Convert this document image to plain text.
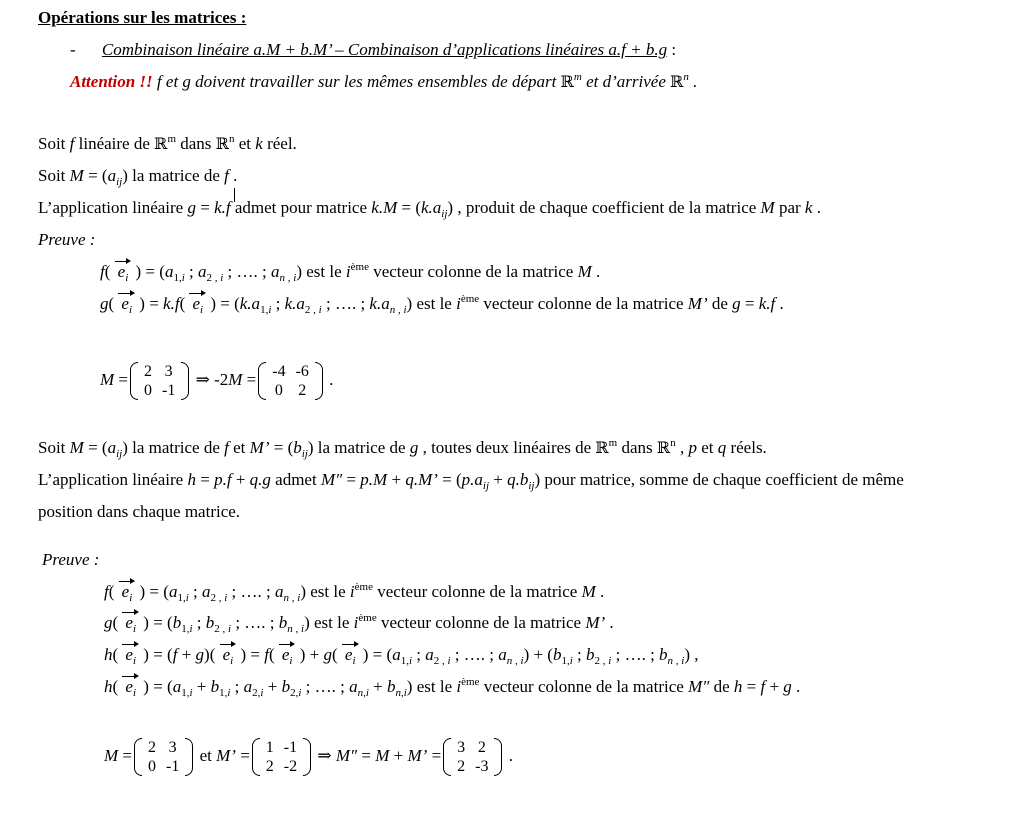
Opérations sur les matrices :
- Combinaison linéaire a.M + b.M’ – Combinaison d’applications linéaires a.f + b.g :
Attention !! f et g doivent travailler sur les mêmes ensembles de départ ℝ$^m$ et d’arrivée ℝ$^n$ .
Soit f linéaire de ℝ$^m$ dans ℝ$^n$ et k réel.
Soit $M = (a_{ij})$ la matrice de f .
L’application linéaire g = k.f admet pour matrice $k.M = (k.a_{ij})$ , produit de chaque coefficient de la matrice M par k .
Preuve :
f( $e_i$ ) = ($a_{1,i}$ ; $a_{2 , i}$ ; …. ; $a_{n , i}$) est le $i^{ème}$ vecteur colonne de la matrice M .
g( $e_i$ ) = k.f( $e_i$ ) = ($k.a_{1,i}$ ; $k.a_{2 , i}$ ; …. ; $k.a_{n , i}$) est le $i^{ème}$ vecteur colonne de la matrice M’ de g = k.f .
M = 2	3
0	-1
⇒ -2M = -4	-6
0	2
.
Soit $M = (a_{ij})$ la matrice de f et M’ = $(b_{ij})$ la matrice de g , toutes deux linéaires de ℝ$^m$ dans ℝ$^n$ , p et q réels.
L’application linéaire h = p.f + q.g admet M″ = p.M + q.M’ = $(p.a_{ij} + q.b_{ij})$ pour matrice, somme de chaque coefficient de même
position dans chaque matrice.
Preuve :
f( $e_i$ ) = ($a_{1,i}$ ; $a_{2 , i}$ ; …. ; $a_{n , i}$) est le $i^{ème}$ vecteur colonne de la matrice M .
g( $e_i$ ) = ($b_{1,i}$ ; $b_{2 , i}$ ; …. ; $b_{n , i}$) est le $i^{ème}$ vecteur colonne de la matrice M’ .
h( $e_i$ ) = (f + g)( $e_i$ ) = f( $e_i$ ) + g( $e_i$ ) = ($a_{1,i}$ ; $a_{2 , i}$ ; …. ; $a_{n , i}) + (b_{1,i}$ ; $b_{2 , i}$ ; …. ; $b_{n , i}$) ,
h( $e_i$ ) = ($a_{1,i} + b_{1,i}$ ; $a_{2,i} + b_{2,i}$ ; …. ; $a_{n,i} + b_{n,i}$) est le $i^{ème}$ vecteur colonne de la matrice M″ de h = f + g .
M = 2	3
0	-1
et M’ = 1	-1
2	-2
⇒ M″ = M + M’ = 3	2
2	-3
.
